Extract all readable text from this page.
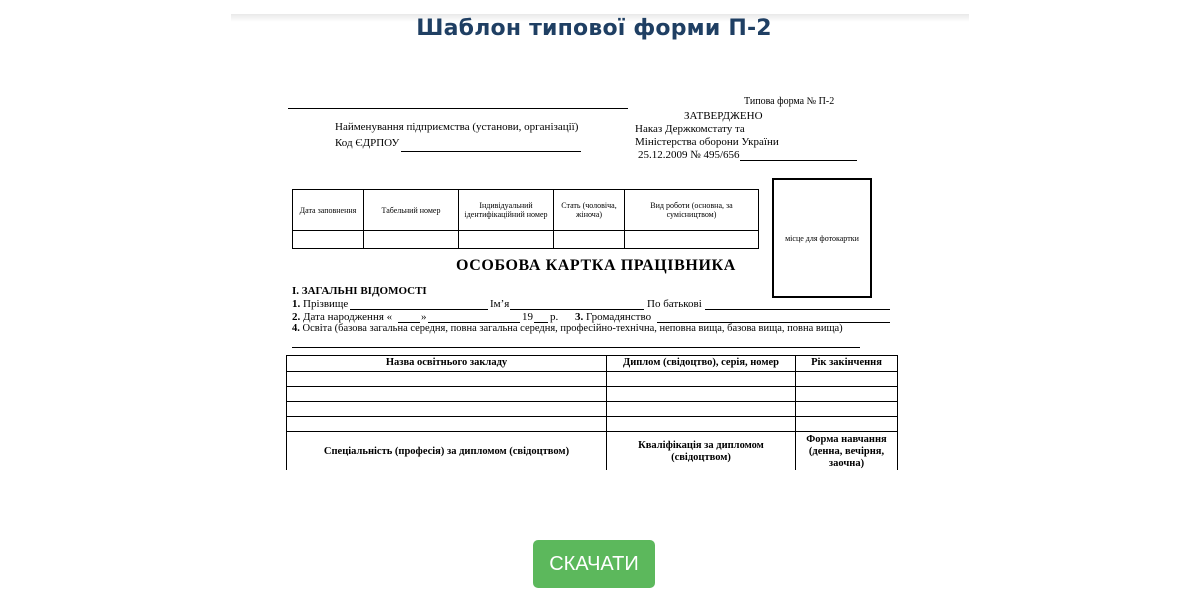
Шаблон типової форми П-2
Типова форма № П-2
ЗАТВЕРДЖЕНО
Найменування підприємства (установи, організації)	Наказ Держкомстату та
Міністерства оборони України
Код ЄДРПОУ
25.12.2009 № 495/656
Дата заповнення	Табельний номер	Індивідуальний ідентифікаційний номер	Стать (чоловіча, жіноча)	Вид роботи (основна, за сумісництвом)

місце для фотокартки
ОСОБОВА КАРТКА ПРАЦІВНИКА
І. ЗАГАЛЬНІ ВІДОМОСТІ
1. Прізвище	Ім’я	По батькові
2. Дата народження «	»	19 р. 3. Громадянство
4. Освіта (базова загальна середня, повна загальна середня, професійно-технічна, неповна вища, базова вища, повна вища)
Назва освітнього закладу	Диплом (свідоцтво), серія, номер	Рік закінчення

Спеціальність (професія) за дипломом (свідоцтвом)	Кваліфікація за дипломом (свідоцтвом)	Форма навчання (денна, вечірня, заочна)

СКАЧАТИ
